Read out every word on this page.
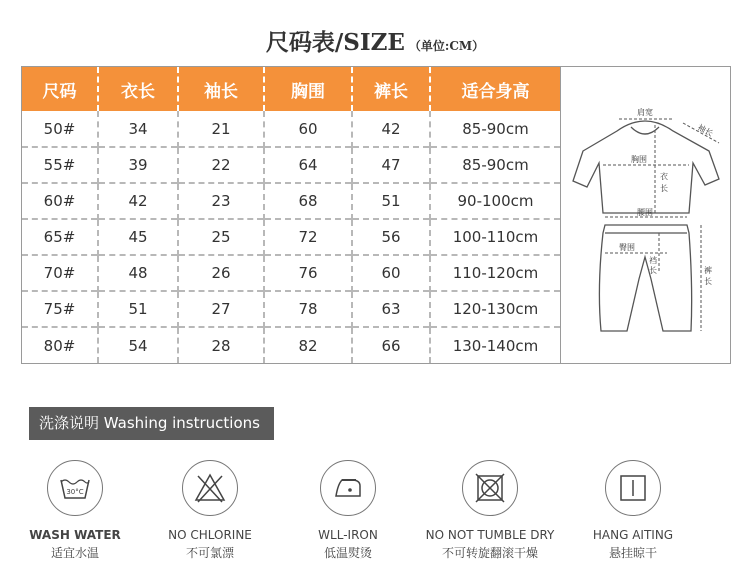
尺码表/SIZE （单位:CM）
尺码	衣长	袖长	胸围	裤长	适合身高
50#	34	21	60	42	85-90cm
55#	39	22	64	47	85-90cm
60#	42	23	68	51	90-100cm
65#	45	25	72	56	100-110cm
70#	48	26	76	60	110-120cm
75#	51	27	78	63	120-130cm
80#	54	28	82	66	130-140cm
肩宽
袖长
胸围
衣
长
腰围
臀围
裆
长	裤
长
洗涤说明 Washing instructions
30°C
WASH WATER
适宜水温
NO CHLORINE
不可氯漂
WLL-IRON
低温熨烫
NO NOT TUMBLE DRY
不可转旋翻滚干燥
HANG AITING
悬挂晾干
